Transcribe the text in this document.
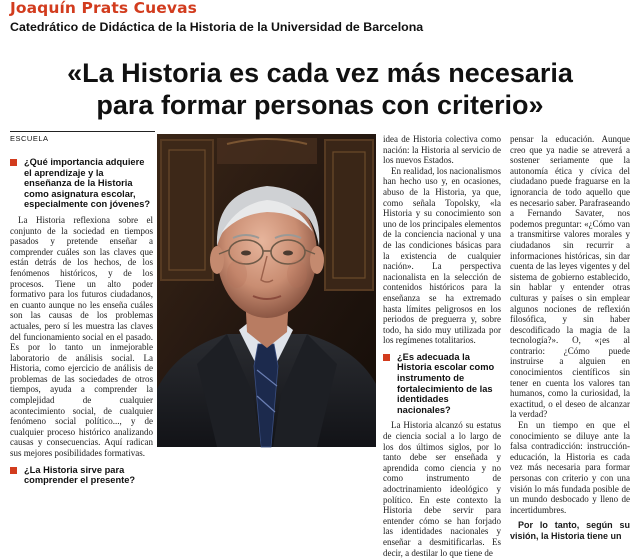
Joaquín Prats Cuevas
Catedrático de Didáctica de la Historia de la Universidad de Barcelona
«La Historia es cada vez más necesaria
para formar personas con criterio»
ESCUELA
¿Qué importancia adquiere el aprendizaje y la enseñanza de la Historia como asignatura escolar, especialmente con jóvenes?

La Historia reflexiona sobre el conjunto de la sociedad en tiempos pasados y pretende enseñar a comprender cuáles son las claves que están detrás de los hechos, de los fenómenos históricos, y de los procesos. Tiene un alto poder formativo para los futuros ciudadanos, en cuanto aunque no les enseña cuáles son las causas de los problemas actuales, pero sí les muestra las claves del funcionamiento social en el pasado. Es por lo tanto un inmejorable laboratorio de análisis social. La Historia, como ejercicio de análisis de problemas de las sociedades de otros tiempos, ayuda a comprender la complejidad de cualquier acontecimiento social, de cualquier fenómeno social político..., y de cualquier proceso histórico analizando causas y consecuencias. Aquí radican sus mejores posibilidades formativas.

¿La Historia sirve para comprender el presente?

idea de Historia colectiva como nación: la Historia al servicio de los nuevos Estados.

En realidad, los nacionalismos han hecho uso y, en ocasiones, abuso de la Historia, ya que, como señala Topolsky, «la Historia y su conocimiento son uno de los principales elementos de la conciencia nacional y una de las condiciones básicas para la existencia de cualquier nación». La perspectiva nacionalista en la selección de contenidos históricos para la enseñanza se ha extremado hasta límites peligrosos en los periodos de preguerra y, sobre todo, ha sido muy utilizada por los regímenes totalitarios.

¿Es adecuada la Historia escolar como instrumento de fortalecimiento de las identidades nacionales?

La Historia alcanzó su estatus de ciencia social a lo largo de los dos últimos siglos, por lo tanto debe ser enseñada y aprendida como ciencia y no como instrumento de adoctrinamiento ideológico y político. En este contexto la Historia debe servir para entender cómo se han forjado las identidades nacionales y enseñar a desmitificarlas. Es decir, a destilar lo que tiene de

pensar la educación. Aunque creo que ya nadie se atreverá a sostener seriamente que la autonomía ética y cívica del ciudadano puede fraguarse en la ignorancia de todo aquello que es necesario saber. Parafraseando a Fernando Savater, nos podemos preguntar: «¿Cómo van a transmitirse valores morales y ciudadanos sin recurrir a informaciones históricas, sin dar cuenta de las leyes vigentes y del sistema de gobierno establecido, sin hablar y entender otras culturas y países o sin emplear algunos nociones de reflexión filosófica, y sin haber descodificado la magia de la tecnología?». O, «¡es al contrario: ¿Cómo puede instruirse a alguien en conocimientos científicos sin tener en cuenta los valores tan humanos, como la curiosidad, la exactitud, o el deseo de alcanzar la verdad?

En un tiempo en que el conocimiento se diluye ante la falsa contradicción: instrucción-educación, la Historia es cada vez más necesaria para formar personas con criterio y con una visión lo más fundada posible de un mundo desbocado y lleno de incertidumbres.

Por lo tanto, según su visión, la Historia tiene un
